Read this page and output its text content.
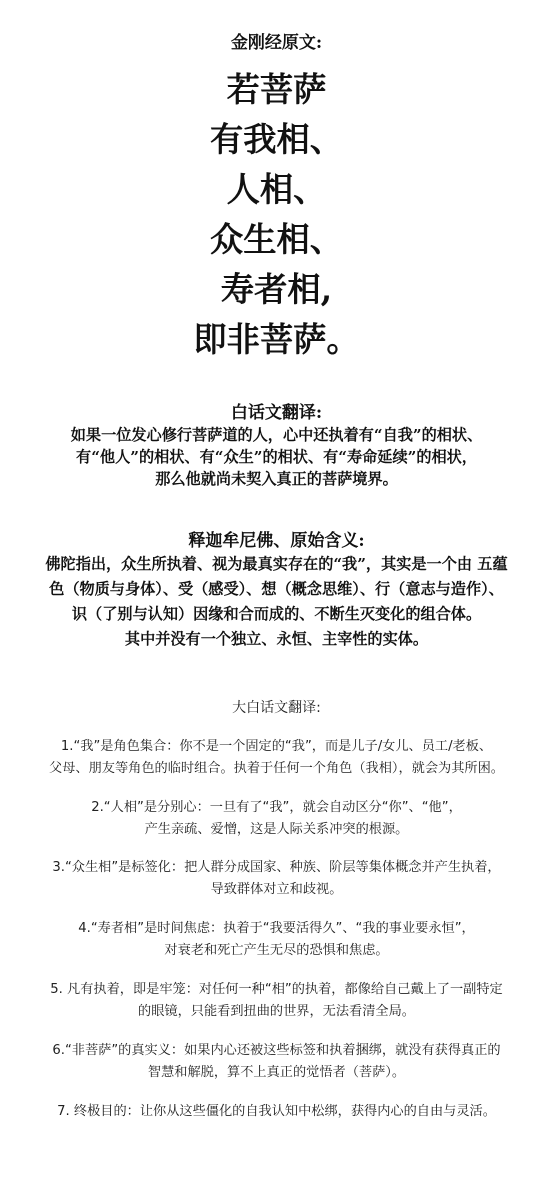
金刚经原文:
若菩萨
有我相、
人相、
众生相、
寿者相,
即非菩萨。
白话文翻译:
如果一位发心修行菩萨道的人，心中还执着有“自我”的相状、
有“他人”的相状、有“众生”的相状、有“寿命延续”的相状，
那么他就尚未契入真正的菩萨境界。
释迦牟尼佛、原始含义:
佛陀指出，众生所执着、视为最真实存在的“我”，其实是一个由 五蕴
色（物质与身体）、受（感受）、想（概念思维）、行（意志与造作）、
识（了别与认知）因缘和合而成的、不断生灭变化的组合体。
其中并没有一个独立、永恒、主宰性的实体。
大白话文翻译:
1.“我”是角色集合：你不是一个固定的“我”，而是儿子/女儿、员工/老板、
父母、朋友等角色的临时组合。执着于任何一个角色（我相），就会为其所困。
2.“人相”是分别心：一旦有了“我”，就会自动区分“你”、“他”，
产生亲疏、爱憎，这是人际关系冲突的根源。
3.“众生相”是标签化：把人群分成国家、种族、阶层等集体概念并产生执着，
导致群体对立和歧视。
4.“寿者相”是时间焦虑：执着于“我要活得久”、“我的事业要永恒”，
对衰老和死亡产生无尽的恐惧和焦虑。
5. 凡有执着，即是牢笼：对任何一种“相”的执着，都像给自己戴上了一副特定
的眼镜，只能看到扭曲的世界，无法看清全局。
6.“非菩萨”的真实义：如果内心还被这些标签和执着捆绑，就没有获得真正的
智慧和解脱，算不上真正的觉悟者（菩萨）。
7. 终极目的：让你从这些僵化的自我认知中松绑，获得内心的自由与灵活。
